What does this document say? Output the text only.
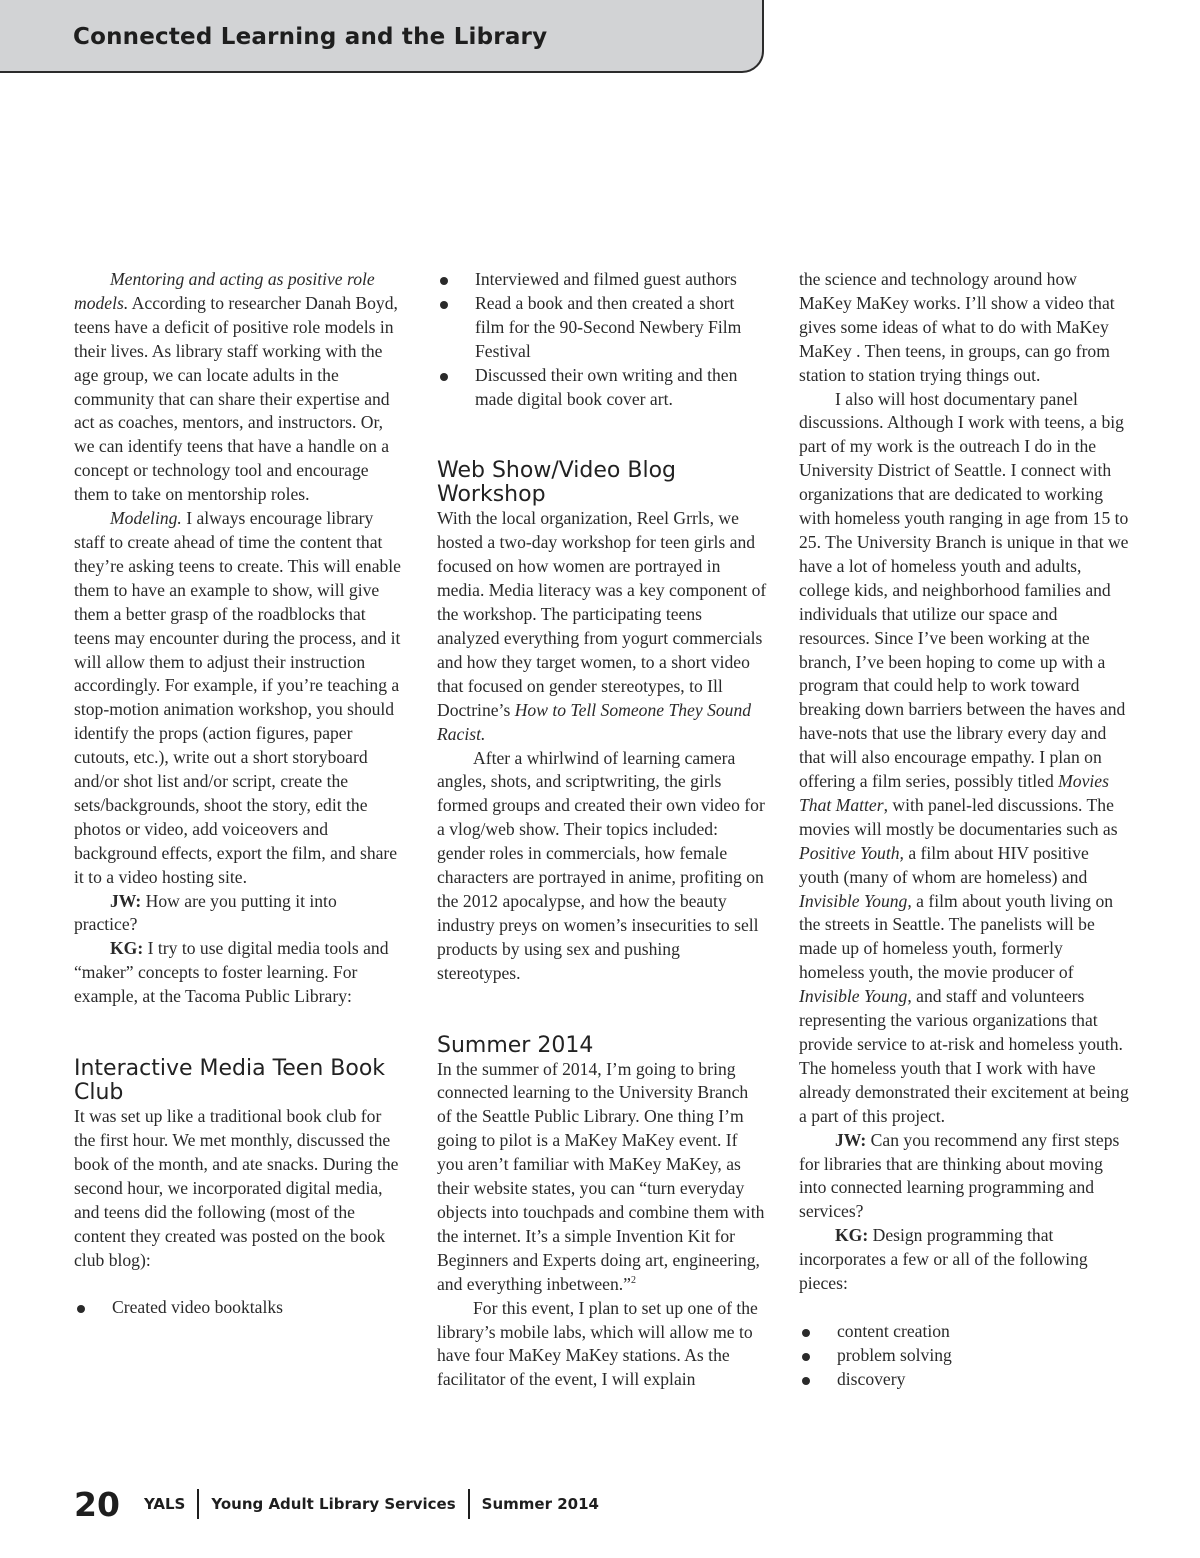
Connected Learning and the Library

Mentoring and acting as positive role models. According to researcher Danah Boyd, teens have a deficit of positive role models in their lives. As library staff working with the age group, we can locate adults in the community that can share their expertise and act as coaches, mentors, and instructors. Or, we can identify teens that have a handle on a concept or technology tool and encourage them to take on mentorship roles.

Modeling. I always encourage library staff to create ahead of time the content that they’re asking teens to create. This will enable them to have an example to show, will give them a better grasp of the roadblocks that teens may encounter during the process, and it will allow them to adjust their instruction accordingly. For example, if you’re teaching a stop-motion animation workshop, you should identify the props (action figures, paper cutouts, etc.), write out a short storyboard and/or shot list and/or script, create the sets/backgrounds, shoot the story, edit the photos or video, add voiceovers and background effects, export the film, and share it to a video hosting site.

JW: How are you putting it into practice?

KG: I try to use digital media tools and “maker” concepts to foster learning. For example, at the Tacoma Public Library:

Interactive Media Teen Book Club

It was set up like a traditional book club for the first hour. We met monthly, discussed the book of the month, and ate snacks. During the second hour, we incorporated digital media, and teens did the following (most of the content they created was posted on the book club blog):

Created video booktalks
Interviewed and filmed guest authors
Read a book and then created a short film for the 90-Second Newbery Film Festival
Discussed their own writing and then made digital book cover art.
Web Show/Video Blog Workshop

With the local organization, Reel Grrls, we hosted a two-day workshop for teen girls and focused on how women are portrayed in media. Media literacy was a key component of the workshop. The participating teens analyzed everything from yogurt commercials and how they target women, to a short video that focused on gender stereotypes, to Ill Doctrine’s How to Tell Someone They Sound Racist.

After a whirlwind of learning camera angles, shots, and scriptwriting, the girls formed groups and created their own video for a vlog/web show. Their topics included: gender roles in commercials, how female characters are portrayed in anime, profiting on the 2012 apocalypse, and how the beauty industry preys on women’s insecurities to sell products by using sex and pushing stereotypes.

Summer 2014

In the summer of 2014, I’m going to bring connected learning to the University Branch of the Seattle Public Library. One thing I’m going to pilot is a MaKey MaKey event. If you aren’t familiar with MaKey MaKey, as their website states, you can “turn everyday objects into touchpads and combine them with the internet. It’s a simple Invention Kit for Beginners and Experts doing art, engineering, and everything inbetween.”$^2$

For this event, I plan to set up one of the library’s mobile labs, which will allow me to have four MaKey MaKey stations. As the facilitator of the event, I will explain

the science and technology around how MaKey MaKey works. I’ll show a video that gives some ideas of what to do with MaKey MaKey . Then teens, in groups, can go from station to station trying things out.

I also will host documentary panel discussions. Although I work with teens, a big part of my work is the outreach I do in the University District of Seattle. I connect with organizations that are dedicated to working with homeless youth ranging in age from 15 to 25. The University Branch is unique in that we have a lot of homeless youth and adults, college kids, and neighborhood families and individuals that utilize our space and resources. Since I’ve been working at the branch, I’ve been hoping to come up with a program that could help to work toward breaking down barriers between the haves and have-nots that use the library every day and that will also encourage empathy. I plan on offering a film series, possibly titled Movies That Matter, with panel-led discussions. The movies will mostly be documentaries such as Positive Youth, a film about HIV positive youth (many of whom are homeless) and Invisible Young, a film about youth living on the streets in Seattle. The panelists will be made up of homeless youth, formerly homeless youth, the movie producer of Invisible Young, and staff and volunteers representing the various organizations that provide service to at-risk and homeless youth. The homeless youth that I work with have already demonstrated their excitement at being a part of this project.

JW: Can you recommend any first steps for libraries that are thinking about moving into connected learning programming and services?

KG: Design programming that incorporates a few or all of the following pieces:

content creation
problem solving
discovery
20 YALS Young Adult Library Services Summer 2014
